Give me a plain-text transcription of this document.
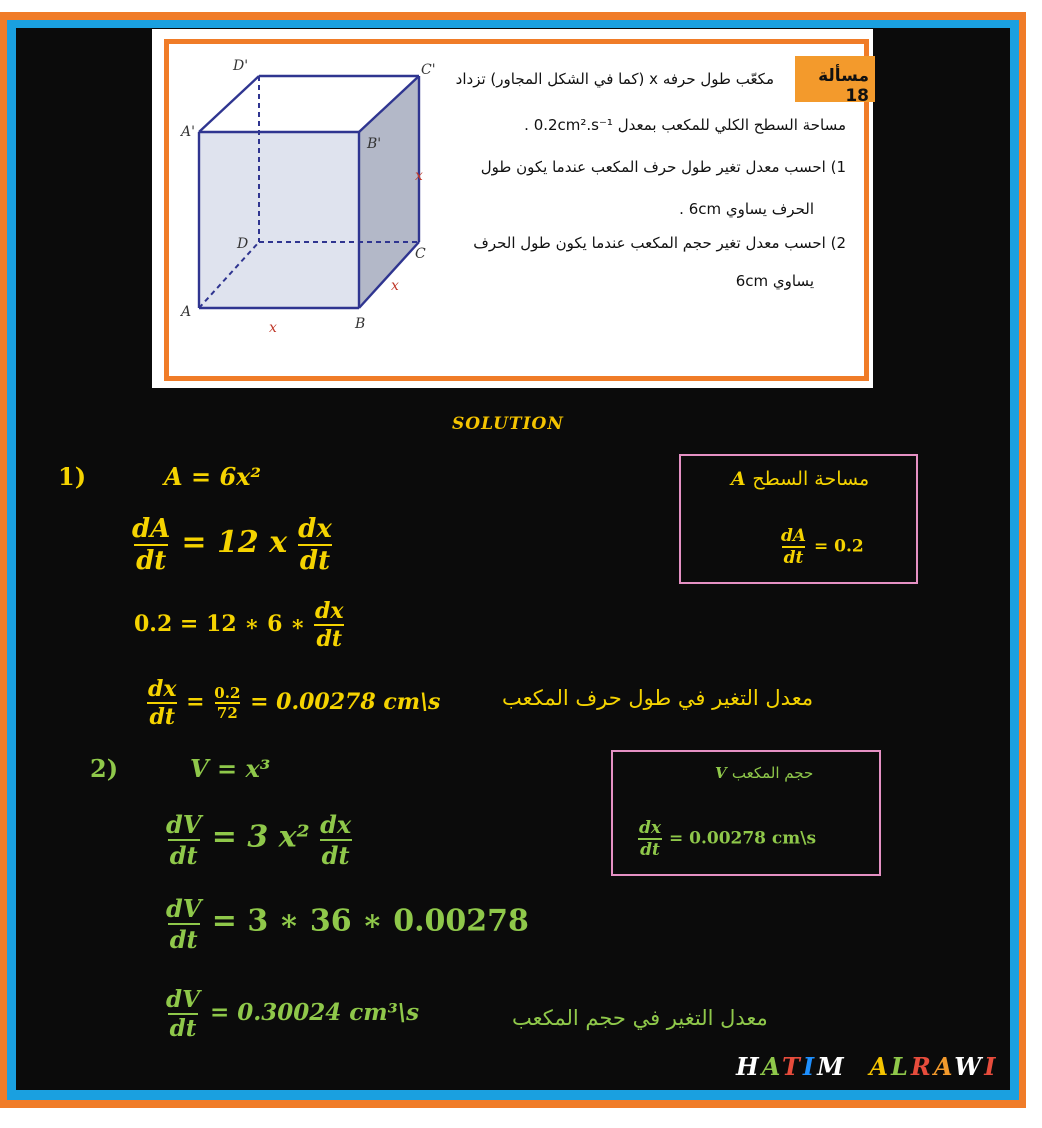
D'	C'
A'
B'
D
C
A
B
x
x
x
مسألة 18
مكعّب طول حرفه x (كما في الشكل المجاور) تزداد
مساحة السطح الكلي للمكعب بمعدل 0.2cm².s⁻¹ .
1) احسب معدل تغير طول حرف المكعب عندما يكون طول
الحرف يساوي 6cm .
2) احسب معدل تغير حجم المكعب عندما يكون طول الحرف
يساوي 6cm
SOLUTION
1)	A = 6x²
$\frac{dA}{dt} = 12$ x $\frac{dx}{dt}$
0.2 = 12 ∗ 6 ∗ $\frac{dx}{dt}$
$\frac{dx}{dt} = \frac{0.2}{72} = 0.00278$ cm\s	معدل التغير في طول حرف المكعب
A مساحة السطح
$\frac{dA}{dt} = 0.2$
2)	V = x³
$\frac{dV}{dt} = 3$ $x^2 \frac{dx}{dt}$
$\frac{dV}{dt} = 3$ ∗ 36 ∗ 0.00278
$\frac{dV}{dt} = 0.30024$ cm³\s	معدل التغير في حجم المكعب
V حجم المكعب
$\frac{dx}{dt} = 0.00278$ cm\s
HATIM ALRAWI
